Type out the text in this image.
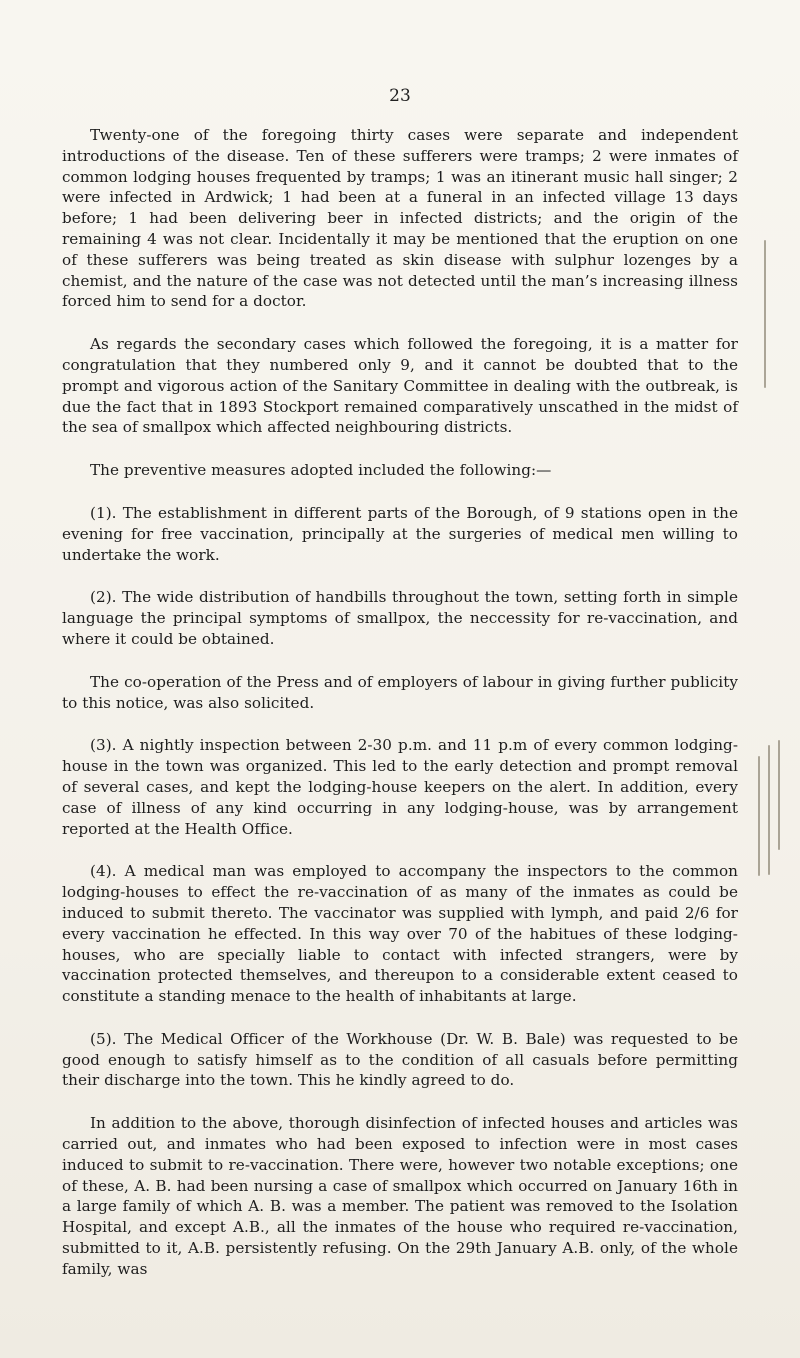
23

Twenty-one of the foregoing thirty cases were separate and independent introductions of the disease. Ten of these sufferers were tramps; 2 were inmates of common lodging houses frequented by tramps; 1 was an itinerant music hall singer; 2 were infected in Ardwick; 1 had been at a funeral in an infected village 13 days before; 1 had been delivering beer in infected districts; and the origin of the remaining 4 was not clear. Incidentally it may be mentioned that the eruption on one of these sufferers was being treated as skin disease with sulphur lozenges by a chemist, and the nature of the case was not detected until the man’s increasing illness forced him to send for a doctor.

As regards the secondary cases which followed the foregoing, it is a matter for congratulation that they numbered only 9, and it cannot be doubted that to the prompt and vigorous action of the Sanitary Committee in dealing with the outbreak, is due the fact that in 1893 Stockport remained comparatively unscathed in the midst of the sea of smallpox which affected neighbouring districts.

The preventive measures adopted included the following:—

(1). The establishment in different parts of the Borough, of 9 stations open in the evening for free vaccination, principally at the surgeries of medical men willing to undertake the work.

(2). The wide distribution of handbills throughout the town, setting forth in simple language the principal symptoms of smallpox, the neccessity for re-vaccination, and where it could be obtained.

The co-operation of the Press and of employers of labour in giving further publicity to this notice, was also solicited.

(3). A nightly inspection between 2-30 p.m. and 11 p.m of every common lodging-house in the town was organized. This led to the early detection and prompt removal of several cases, and kept the lodging-house keepers on the alert. In addition, every case of illness of any kind occurring in any lodging-house, was by arrangement reported at the Health Office.

(4). A medical man was employed to accompany the inspectors to the common lodging-houses to effect the re-vaccination of as many of the inmates as could be induced to submit thereto. The vaccinator was supplied with lymph, and paid 2/6 for every vaccination he effected. In this way over 70 of the habitues of these lodging-houses, who are specially liable to contact with infected strangers, were by vaccination protected themselves, and thereupon to a considerable extent ceased to constitute a standing menace to the health of inhabitants at large.

(5). The Medical Officer of the Workhouse (Dr. W. B. Bale) was requested to be good enough to satisfy himself as to the condition of all casuals before permitting their discharge into the town. This he kindly agreed to do.

In addition to the above, thorough disinfection of infected houses and articles was carried out, and inmates who had been exposed to infection were in most cases induced to submit to re-vaccination. There were, however two notable exceptions; one of these, A. B. had been nursing a case of smallpox which occurred on January 16th in a large family of which A. B. was a member. The patient was removed to the Isolation Hospital, and except A.B., all the inmates of the house who required re-vaccination, submitted to it, A.B. persistently refusing. On the 29th January A.B. only, of the whole family, was
